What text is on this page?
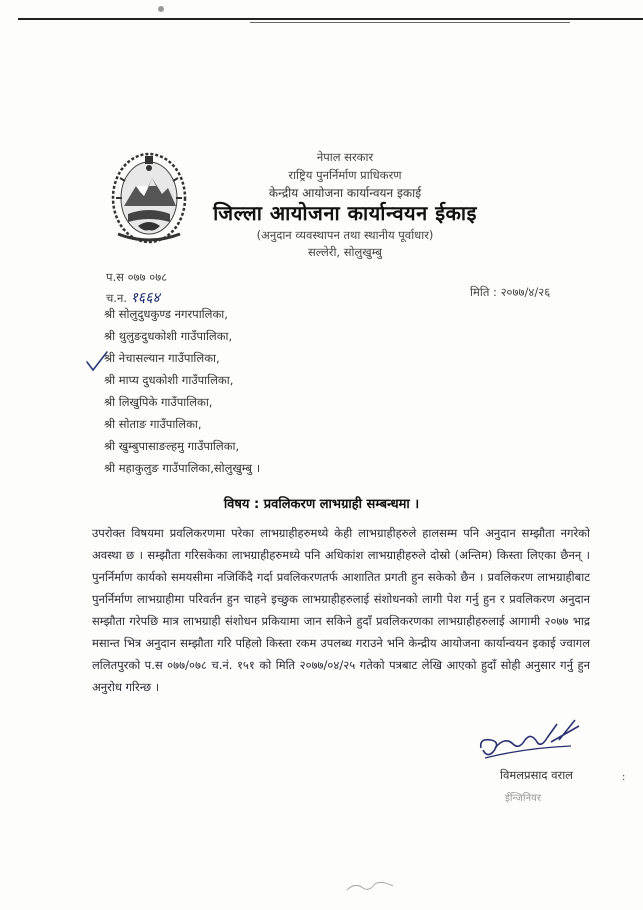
नेपाल सरकार
राष्ट्रिय पुनर्निर्माण प्राधिकरण
केन्द्रीय आयोजना कार्यान्वयन इकाई
जिल्ला आयोजना कार्यान्वयन ईकाइ
(अनुदान व्यवस्थापन तथा स्थानीय पूर्वाधार)
सल्लेरी, सोलुखुम्बु
प.स ०७७ ०७८
च.न. १६६४	मिति : २०७७/४/२६
श्री सोलुदुधकुण्ड नगरपालिका,
श्री थुलुङदुधकोशी गाउँपालिका,
श्री नेचासल्यान गाउँपालिका,
श्री माप्य दुधकोशी गाउँपालिका,
श्री लिखुपिके गाउँपालिका,
श्री सोताङ गाउँपालिका,
श्री खुम्बुपासाङल्हमु गाउँपालिका,
श्री महाकुलुङ गाउँपालिका,सोलुखुम्बु ।
विषय : प्रवलिकरण लाभग्राही सम्बन्धमा ।
उपरोक्त विषयमा प्रवलिकरणमा परेका लाभग्राहीहरुमध्ये केही लाभग्राहीहरुले हालसम्म पनि अनुदान सम्झौता नगरेको अवस्था छ । सम्झौता गरिसकेका लाभग्राहीहरुमध्ये पनि अधिकांश लाभग्राहीहरुले दोस्रो (अन्तिम) किस्ता लिएका छैनन् । पुनर्निर्माण कार्यको समयसीमा नजिकिँदै गर्दा प्रवलिकरणतर्फ आशातित प्रगती हुन सकेको छैन । प्रवलिकरण लाभग्राहीबाट पुनर्निर्माण लाभग्राहीमा परिवर्तन हुन चाहने इच्छुक लाभग्राहीहरुलाई संशोधनको लागी पेश गर्नु हुन र प्रवलिकरण अनुदान सम्झौता गरेपछि मात्र लाभग्राही संशोधन प्रकियामा जान सकिने हुदाँ प्रवलिकरणका लाभग्राहीहरुलाई आगामी २०७७ भाद्र मसान्त भित्र अनुदान सम्झौता गरि पहिलो किस्ता रकम उपलब्ध गराउने भनि केन्द्रीय आयोजना कार्यान्वयन इकाई ज्वागल ललितपुरको प.स ०७७/०७८ च.नं. १५१ को मिति २०७७/०४/२५ गतेको पत्रबाट लेखि आएको हुदाँ सोही अनुसार गर्नु हुन अनुरोध गरिन्छ ।
विमलप्रसाद वराल
ईन्जिनियर
:
